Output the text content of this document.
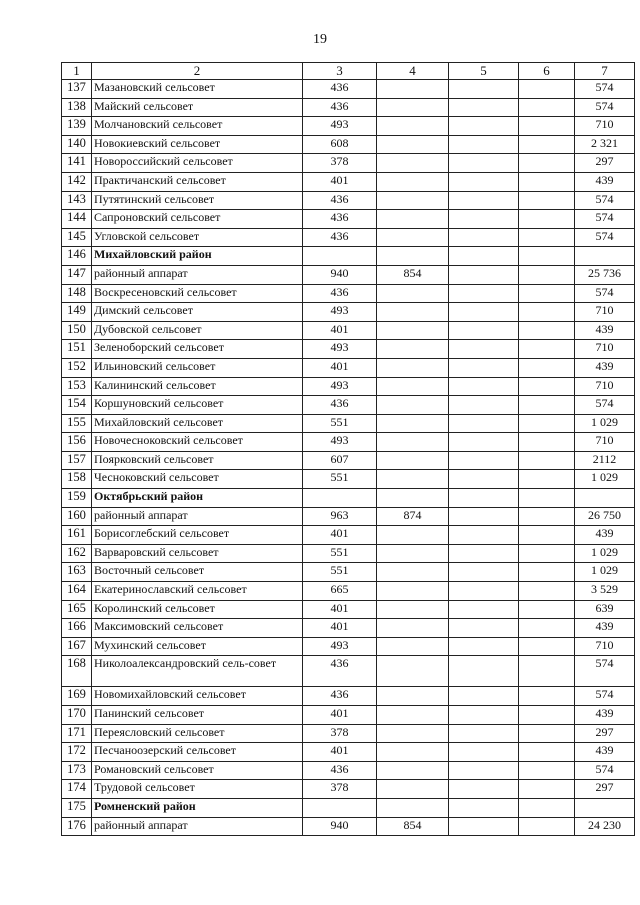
19
1	2	3	4	5	6	7
137	Мазановский сельсовет	436				574
138	Майский сельсовет	436				574
139	Молчановский сельсовет	493				710
140	Новокиевский сельсовет	608				2 321
141	Новороссийский сельсовет	378				297
142	Практичанский сельсовет	401				439
143	Путятинский сельсовет	436				574
144	Сапроновский сельсовет	436				574
145	Угловской сельсовет	436				574
146	Михайловский район					
147	районный аппарат	940	854			25 736
148	Воскресеновский сельсовет	436				574
149	Димский сельсовет	493				710
150	Дубовской сельсовет	401				439
151	Зеленоборский сельсовет	493				710
152	Ильиновский сельсовет	401				439
153	Калининский сельсовет	493				710
154	Коршуновский сельсовет	436				574
155	Михайловский сельсовет	551				1 029
156	Новочесноковский сельсовет	493				710
157	Поярковский сельсовет	607				2112
158	Чесноковский сельсовет	551				1 029
159	Октябрьский район					
160	районный аппарат	963	874			26 750
161	Борисоглебский сельсовет	401				439
162	Варваровский сельсовет	551				1 029
163	Восточный сельсовет	551				1 029
164	Екатеринославский сельсовет	665				3 529
165	Королинский сельсовет	401				639
166	Максимовский сельсовет	401				439
167	Мухинский сельсовет	493				710
168	Николоалександровский сель-совет	436				574
169	Новомихайловский сельсовет	436				574
170	Панинский сельсовет	401				439
171	Переясловский сельсовет	378				297
172	Песчаноозерский сельсовет	401				439
173	Романовский сельсовет	436				574
174	Трудовой сельсовет	378				297
175	Ромненский район					
176	районный аппарат	940	854			24 230
